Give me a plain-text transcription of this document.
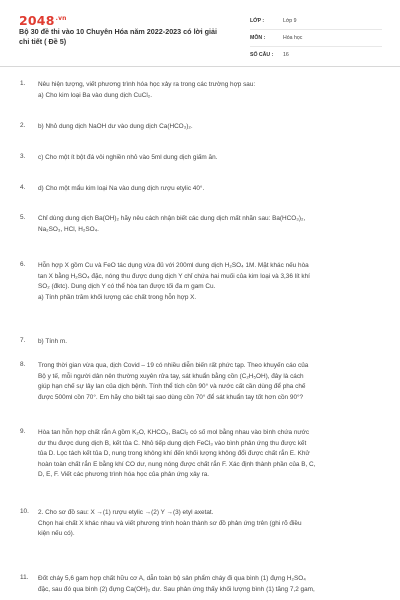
$2048^{.vn}$
Bộ 30 đề thi vào 10 Chuyên Hóa năm 2022-2023 có lời giải chi tiết ( Đề 5)
LỚP :	Lớp 9
MÔN :	Hóa học
SỐ CÂU :	16
1. Nêu hiện tượng, viết phương trình hóa học xảy ra trong các trường hợp sau:
a) Cho kim loại Ba vào dung dịch CuCl₂.
2. b) Nhỏ dung dịch NaOH dư vào dung dịch Ca(HCO₃)₂.
3. c) Cho một ít bột đá vôi nghiền nhỏ vào 5ml dung dịch giấm ăn.
4. d) Cho một mẩu kim loại Na vào dung dịch rượu etylic 40°.
5. Chỉ dùng dung dịch Ba(OH)₂ hãy nêu cách nhận biết các dung dịch mất nhãn sau: Ba(HCO₃)₂,
Na₂SO₃, HCl, H₂SO₄.
6. Hỗn hợp X gồm Cu và FeO tác dụng vừa đủ với 200ml dung dịch H₂SO₄ 1M. Mặt khác nếu hòa
tan X bằng H₂SO₄ đặc, nóng thu được dung dịch Y chỉ chứa hai muối của kim loại và 3,36 lít khí
SO₂ (đktc). Dung dịch Y có thể hòa tan được tối đa m gam Cu.
a) Tính phần trăm khối lượng các chất trong hỗn hợp X.
7. b) Tính m.
8. Trong thời gian vừa qua, dịch Covid – 19 có nhiều diễn biến rất phức tạp. Theo khuyến cáo của
Bộ y tế, mỗi người dân nên thường xuyên rửa tay, sát khuẩn bằng cồn (C₂H₅OH), đây là cách
giúp hạn chế sự lây lan của dịch bệnh. Tính thể tích cồn 90° và nước cất cần dùng để pha chế
được 500ml cồn 70°. Em hãy cho biết tại sao dùng cồn 70° để sát khuẩn tay tốt hơn cồn 90°?
9. Hòa tan hỗn hợp chất rắn A gồm K₂O, KHCO₃, BaCl₂ có số mol bằng nhau vào bình chứa nước
dư thu được dung dịch B, kết tủa C. Nhỏ tiếp dung dịch FeCl₃ vào bình phản ứng thu được kết
tủa D. Lọc tách kết tủa D, nung trong không khí đến khối lượng không đổi được chất rắn E. Khử
hoàn toàn chất rắn E bằng khí CO dư, nung nóng được chất rắn F. Xác định thành phần của B, C,
D, E, F. Viết các phương trình hóa học của phản ứng xảy ra.
10. 2. Cho sơ đồ sau: X →(1) rượu etylic →(2) Y →(3) etyl axetat.
Chọn hai chất X khác nhau và viết phương trình hoàn thành sơ đồ phản ứng trên (ghi rõ điều
kiện nếu có).
11. Đốt cháy 5,6 gam hợp chất hữu cơ A, dẫn toàn bộ sản phẩm cháy đi qua bình (1) đựng H₂SO₄
đặc, sau đó qua bình (2) đựng Ca(OH)₂ dư. Sau phản ứng thấy khối lượng bình (1) tăng 7,2 gam,
